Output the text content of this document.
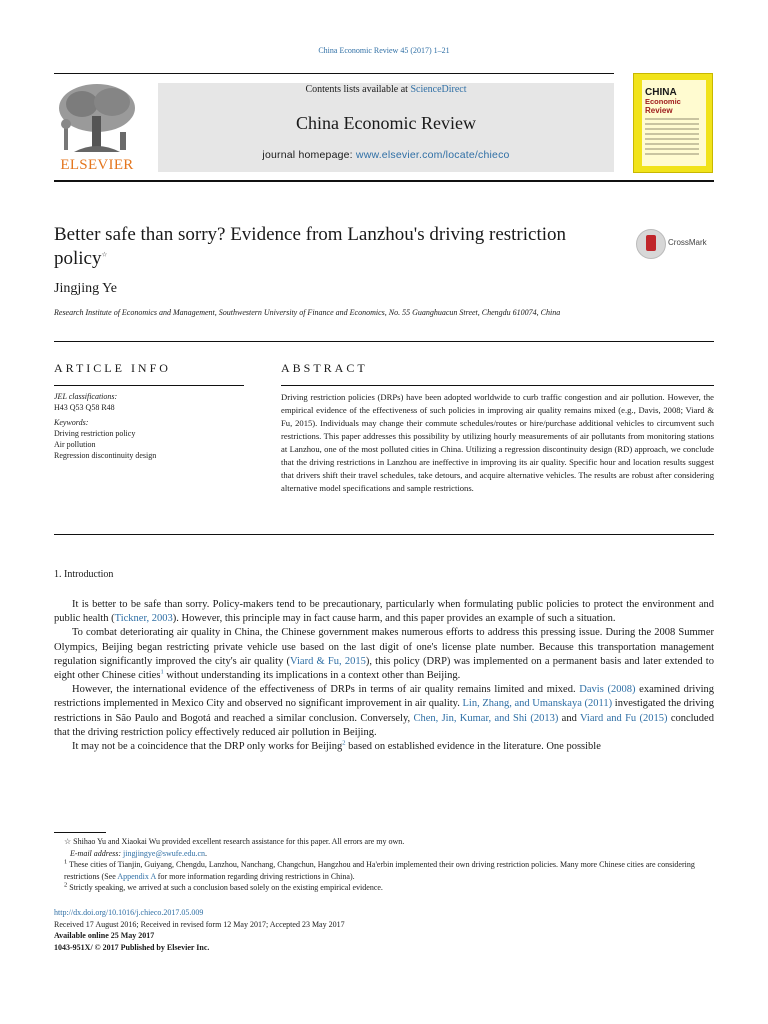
China Economic Review 45 (2017) 1–21
ELSEVIER
Contents lists available at ScienceDirect
China Economic Review
journal homepage: www.elsevier.com/locate/chieco
CHINA
Economic
Review
Better safe than sorry? Evidence from Lanzhou's driving restriction policy☆
CrossMark
Jingjing Ye
Research Institute of Economics and Management, Southwestern University of Finance and Economics, No. 55 Guanghuacun Street, Chengdu 610074, China
ARTICLE INFO
JEL classifications:
H43 Q53 Q58 R48
Keywords:
Driving restriction policy
Air pollution
Regression discontinuity design
ABSTRACT
Driving restriction policies (DRPs) have been adopted worldwide to curb traffic congestion and air pollution. However, the empirical evidence of the effectiveness of such policies in improving air quality remains mixed (e.g., Davis, 2008; Viard & Fu, 2015). Individuals may change their commute schedules/routes or hire/purchase additional vehicles to circumvent such restrictions. This paper addresses this possibility by utilizing hourly measurements of air pollutants from monitoring stations at Lanzhou, one of the most polluted cities in China. Utilizing a regression discontinuity design (RD) approach, we conclude that the driving restrictions in Lanzhou are ineffective in improving its air quality. Specific hour and location results suggest that drivers shift their travel schedules, take detours, and acquire alternative vehicles. The results are robust after considering alternative model specifications and sample restrictions.
1. Introduction

It is better to be safe than sorry. Policy-makers tend to be precautionary, particularly when formulating public policies to protect the environment and public health (Tickner, 2003). However, this principle may in fact cause harm, and this paper provides an example of such a situation.

To combat deteriorating air quality in China, the Chinese government makes numerous efforts to address this pressing issue. During the 2008 Summer Olympics, Beijing began restricting private vehicle use based on the last digit of one's license plate number. Because this transportation management regulation significantly improved the city's air quality (Viard & Fu, 2015), this policy (DRP) was implemented on a permanent basis and later extended to eight other Chinese cities$^1$ without understanding its implications in a context other than Beijing.

However, the international evidence of the effectiveness of DRPs in terms of air quality remains limited and mixed. Davis (2008) examined driving restrictions implemented in Mexico City and observed no significant improvement in air quality. Lin, Zhang, and Umanskaya (2011) investigated the driving restrictions in São Paulo and Bogotá and reached a similar conclusion. Conversely, Chen, Jin, Kumar, and Shi (2013) and Viard and Fu (2015) concluded that the driving restriction policy effectively reduced air pollution in Beijing.

It may not be a coincidence that the DRP only works for Beijing$^2$ based on established evidence in the literature. One possible

☆ Shihao Yu and Xiaokai Wu provided excellent research assistance for this paper. All errors are my own.
E-mail address: jingjingye@swufe.edu.cn.
$^1$ These cities of Tianjin, Guiyang, Chengdu, Lanzhou, Nanchang, Changchun, Hangzhou and Ha'erbin implemented their own driving restriction policies. Many more Chinese cities are considering restrictions (See Appendix A for more information regarding driving restrictions in China).
$^2$ Strictly speaking, we arrived at such a conclusion based solely on the existing empirical evidence.
http://dx.doi.org/10.1016/j.chieco.2017.05.009
Received 17 August 2016; Received in revised form 12 May 2017; Accepted 23 May 2017
Available online 25 May 2017
1043-951X/ © 2017 Published by Elsevier Inc.
